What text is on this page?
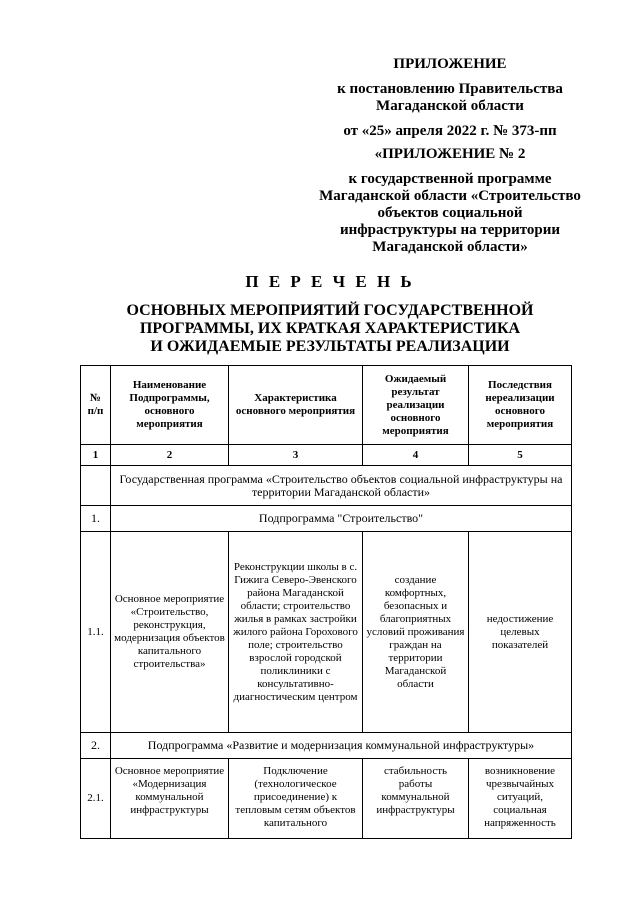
ПРИЛОЖЕНИЕ
к постановлению Правительства
Магаданской области
от «25» апреля 2022 г. № 373-пп
«ПРИЛОЖЕНИЕ № 2
к государственной программе
Магаданской области «Строительство
объектов социальной
инфраструктуры на территории
Магаданской области»
П Е Р Е Ч Е Н Ь
ОСНОВНЫХ МЕРОПРИЯТИЙ ГОСУДАРСТВЕННОЙ
ПРОГРАММЫ, ИХ КРАТКАЯ ХАРАКТЕРИСТИКА
И ОЖИДАЕМЫЕ РЕЗУЛЬТАТЫ РЕАЛИЗАЦИИ
№ п/п	Наименование Подпрограммы, основного мероприятия	Характеристика основного мероприятия	Ожидаемый результат реализации основного мероприятия	Последствия нереализации основного мероприятия
1	2	3	4	5
	Государственная программа «Строительство объектов социальной инфраструктуры на территории Магаданской области»			
1.	Подпрограмма "Строительство"			
1.1.	Основное мероприятие «Строительство, реконструкция, модернизация объектов капитального строительства»	Реконструкции школы в с. Гижига Северо-Эвенского района Магаданской области; строительство жилья в рамках застройки жилого района Горохового поле; строительство взрослой городской поликлиники с консультативно-диагностическим центром	создание комфортных, безопасных и благоприятных условий проживания граждан на территории Магаданской области	недостижение целевых показателей
2.	Подпрограмма «Развитие и модернизация коммунальной инфраструктуры»			
2.1.	Основное мероприятие «Модернизация коммунальной инфраструктуры	Подключение (технологическое присоединение) к тепловым сетям объектов капитального	стабильность работы коммунальной инфраструктуры	возникновение чрезвычайных ситуаций, социальная напряженность
